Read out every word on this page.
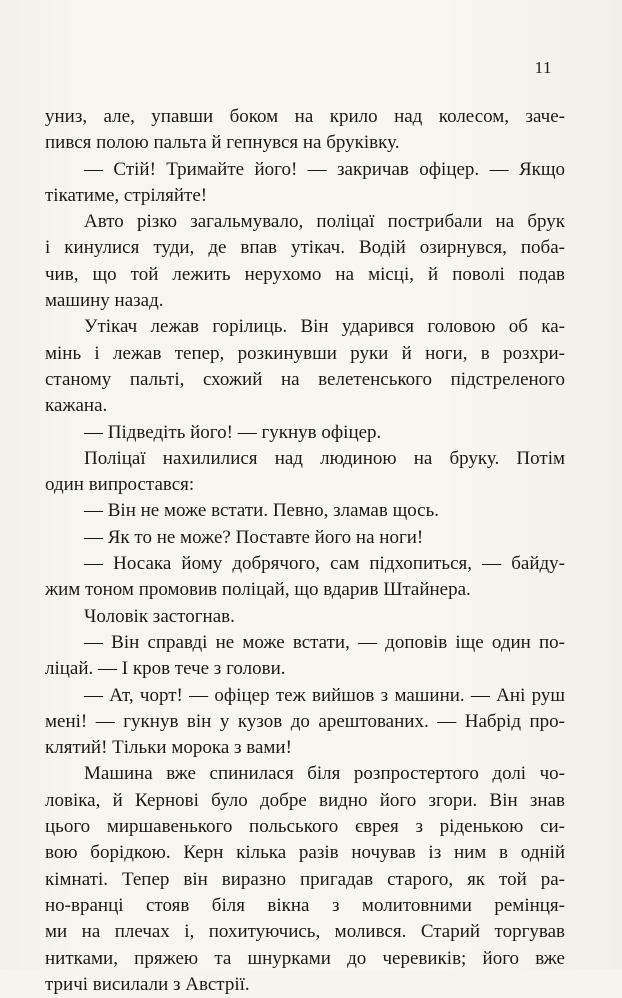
11
униз, але, упавши боком на крило над колесом, заче-
пився полою пальта й гепнувся на бруківку.
— Стій! Тримайте його! — закричав офіцер. — Якщо
тікатиме, стріляйте!
Авто різко загальмувало, поліцаї пострибали на брук
і кинулися туди, де впав утікач. Водій озирнувся, поба-
чив, що той лежить нерухомо на місці, й поволі подав
машину назад.
Утікач лежав горілиць. Він ударився головою об ка-
мінь і лежав тепер, розкинувши руки й ноги, в розхри-
станому пальті, схожий на велетенського підстреленого
кажана.
— Підведіть його! — гукнув офіцер.
Поліцаї нахилилися над людиною на бруку. Потім
один випростався:
— Він не може встати. Певно, зламав щось.
— Як то не може? Поставте його на ноги!
— Носака йому добрячого, сам підхопиться, — байду-
жим тоном промовив поліцай, що вдарив Штайнера.
Чоловік застогнав.
— Він справді не може встати, — доповів іще один по-
ліцай. — І кров тече з голови.
— Ат, чорт! — офіцер теж вийшов з машини. — Ані руш
мені! — гукнув він у кузов до арештованих. — Набрід про-
клятий! Тільки морока з вами!
Машина вже спинилася біля розпростертого долі чо-
ловіка, й Кернові було добре видно його згори. Він знав
цього миршавенького польського єврея з ріденькою си-
вою борідкою. Керн кілька разів ночував із ним в одній
кімнаті. Тепер він виразно пригадав старого, як той ра-
но-вранці стояв біля вікна з молитовними ремінця-
ми на плечах і, похитуючись, молився. Старий торгував
нитками, пряжею та шнурками до черевиків; його вже
тричі висилали з Австрії.
